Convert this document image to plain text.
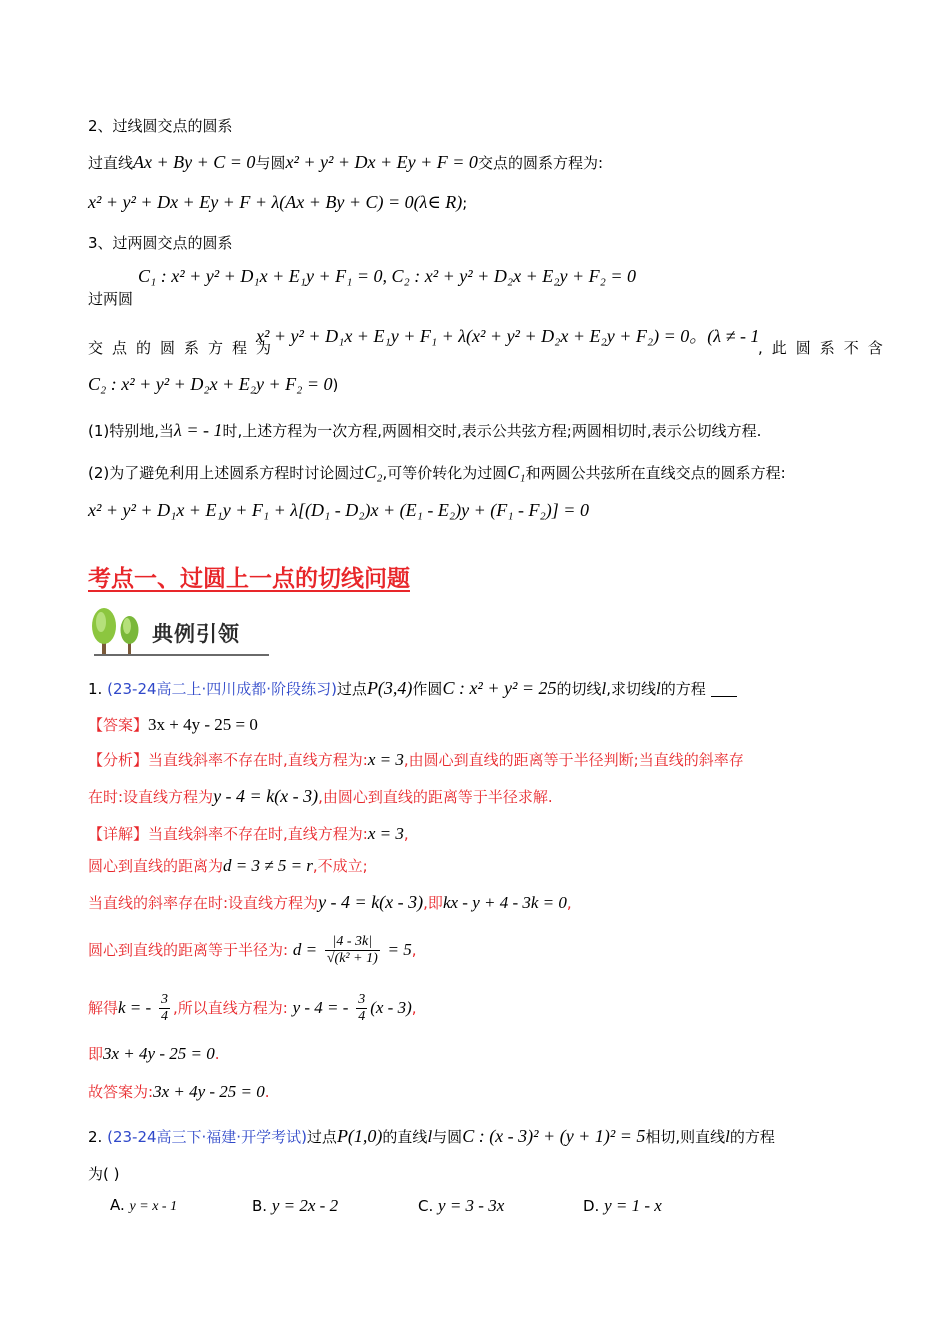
2、过线圆交点的圆系
过直线Ax + By + C = 0与圆x² + y² + Dx + Ey + F = 0交点的圆系方程为:
x² + y² + Dx + Ey + F + λ(Ax + By + C) = 0(λ∈ R);
3、过两圆交点的圆系
C₁ : x² + y² + D₁x + E₁y + F₁ = 0, C₂ : x² + y² + D₂x + E₂y + F₂ = 0
过两圆
交点的圆系方程为
x² + y² + D₁x + E₁y + F₁ + λ(x² + y² + D₂x + E₂y + F₂) = 0。(λ ≠ - 1
,此圆系不含
C₂ : x² + y² + D₂x + E₂y + F₂ = 0)
(1)特别地,当λ = - 1时,上述方程为一次方程,两圆相交时,表示公共弦方程;两圆相切时,表示公切线方程.
(2)为了避免利用上述圆系方程时讨论圆过C₂,可等价转化为过圆C₁和两圆公共弦所在直线交点的圆系方程:
x² + y² + D₁x + E₁y + F₁ + λ[(D₁ - D₂)x + (E₁ - E₂)y + (F₁ - F₂)] = 0
考点一、过圆上一点的切线问题
典例引领
1. (23-24高二上·四川成都·阶段练习)过点P(3,4)作圆C : x² + y² = 25的切线l,求切线l的方程
【答案】3x + 4y - 25 = 0
【分析】当直线斜率不存在时,直线方程为:x = 3,由圆心到直线的距离等于半径判断;当直线的斜率存
在时:设直线方程为y - 4 = k(x - 3),由圆心到直线的距离等于半径求解.
【详解】当直线斜率不存在时,直线方程为:x = 3,
圆心到直线的距离为d = 3 ≠ 5 = r,不成立;
当直线的斜率存在时:设直线方程为y - 4 = k(x - 3),即kx - y + 4 - 3k = 0,
圆心到直线的距离等于半径为: $d = \frac{|4 - 3k|}{\text{√(k² + 1)}} = 5$,
解得k = - $\frac{3}{4}$ ,所以直线方程为: y - 4 = - $\frac{3}{4} (x - 3)$,
即3x + 4y - 25 = 0.
故答案为:3x + 4y - 25 = 0.
2. (23-24高三下·福建·开学考试)过点P(1,0)的直线l与圆C : (x - 3)² + (y + 1)² = 5相切,则直线l的方程
为( )
A. y = x - 1	B. y = 2x - 2	C. y = 3 - 3x	D. y = 1 - x
